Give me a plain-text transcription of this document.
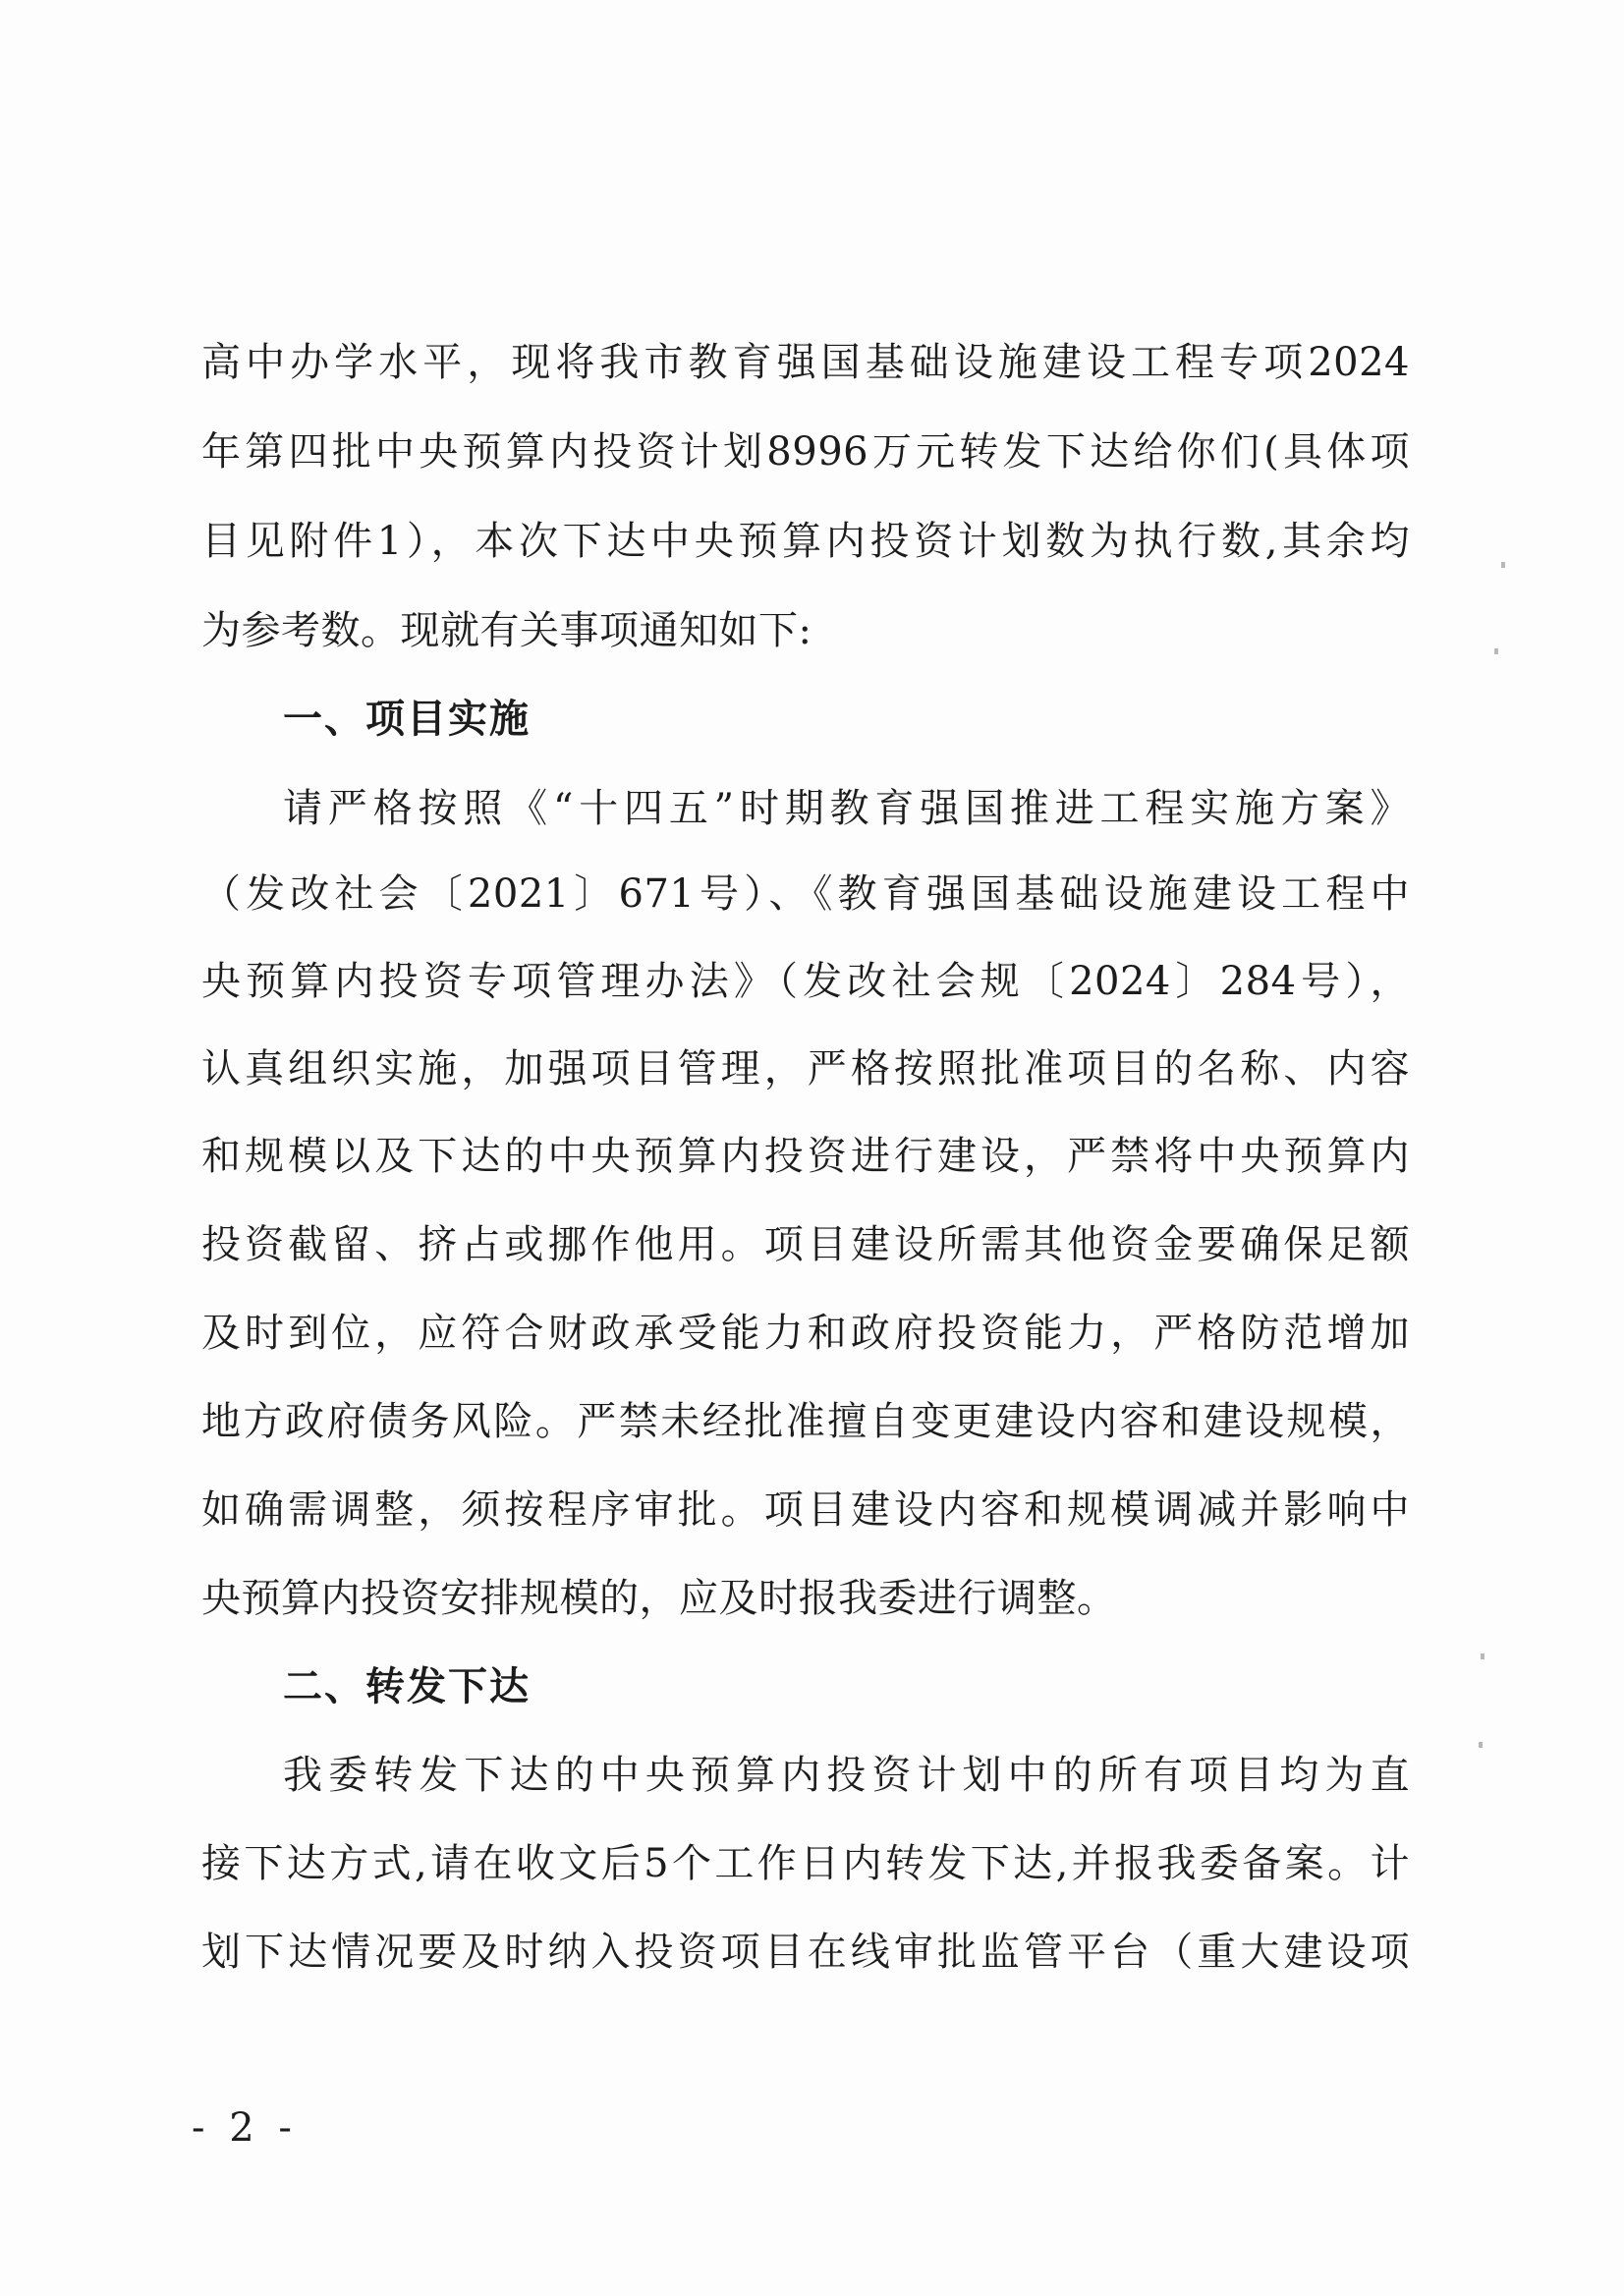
高中办学水平，现将我市教育强国基础设施建设工程专项2024
年第四批中央预算内投资计划8996万元转发下达给你们(具体项
目见附件1），本次下达中央预算内投资计划数为执行数,其余均
为参考数。现就有关事项通知如下:
一、项目实施
请严格按照《“十四五”时期教育强国推进工程实施方案》
（发改社会〔2021〕671号）、《教育强国基础设施建设工程中
央预算内投资专项管理办法》（发改社会规〔2024〕284号），
认真组织实施，加强项目管理，严格按照批准项目的名称、内容
和规模以及下达的中央预算内投资进行建设，严禁将中央预算内
投资截留、挤占或挪作他用。项目建设所需其他资金要确保足额
及时到位，应符合财政承受能力和政府投资能力，严格防范增加
地方政府债务风险。严禁未经批准擅自变更建设内容和建设规模，
如确需调整，须按程序审批。项目建设内容和规模调减并影响中
央预算内投资安排规模的，应及时报我委进行调整。
二、转发下达
我委转发下达的中央预算内投资计划中的所有项目均为直
接下达方式,请在收文后5个工作日内转发下达,并报我委备案。计
划下达情况要及时纳入投资项目在线审批监管平台（重大建设项
- 2 -
